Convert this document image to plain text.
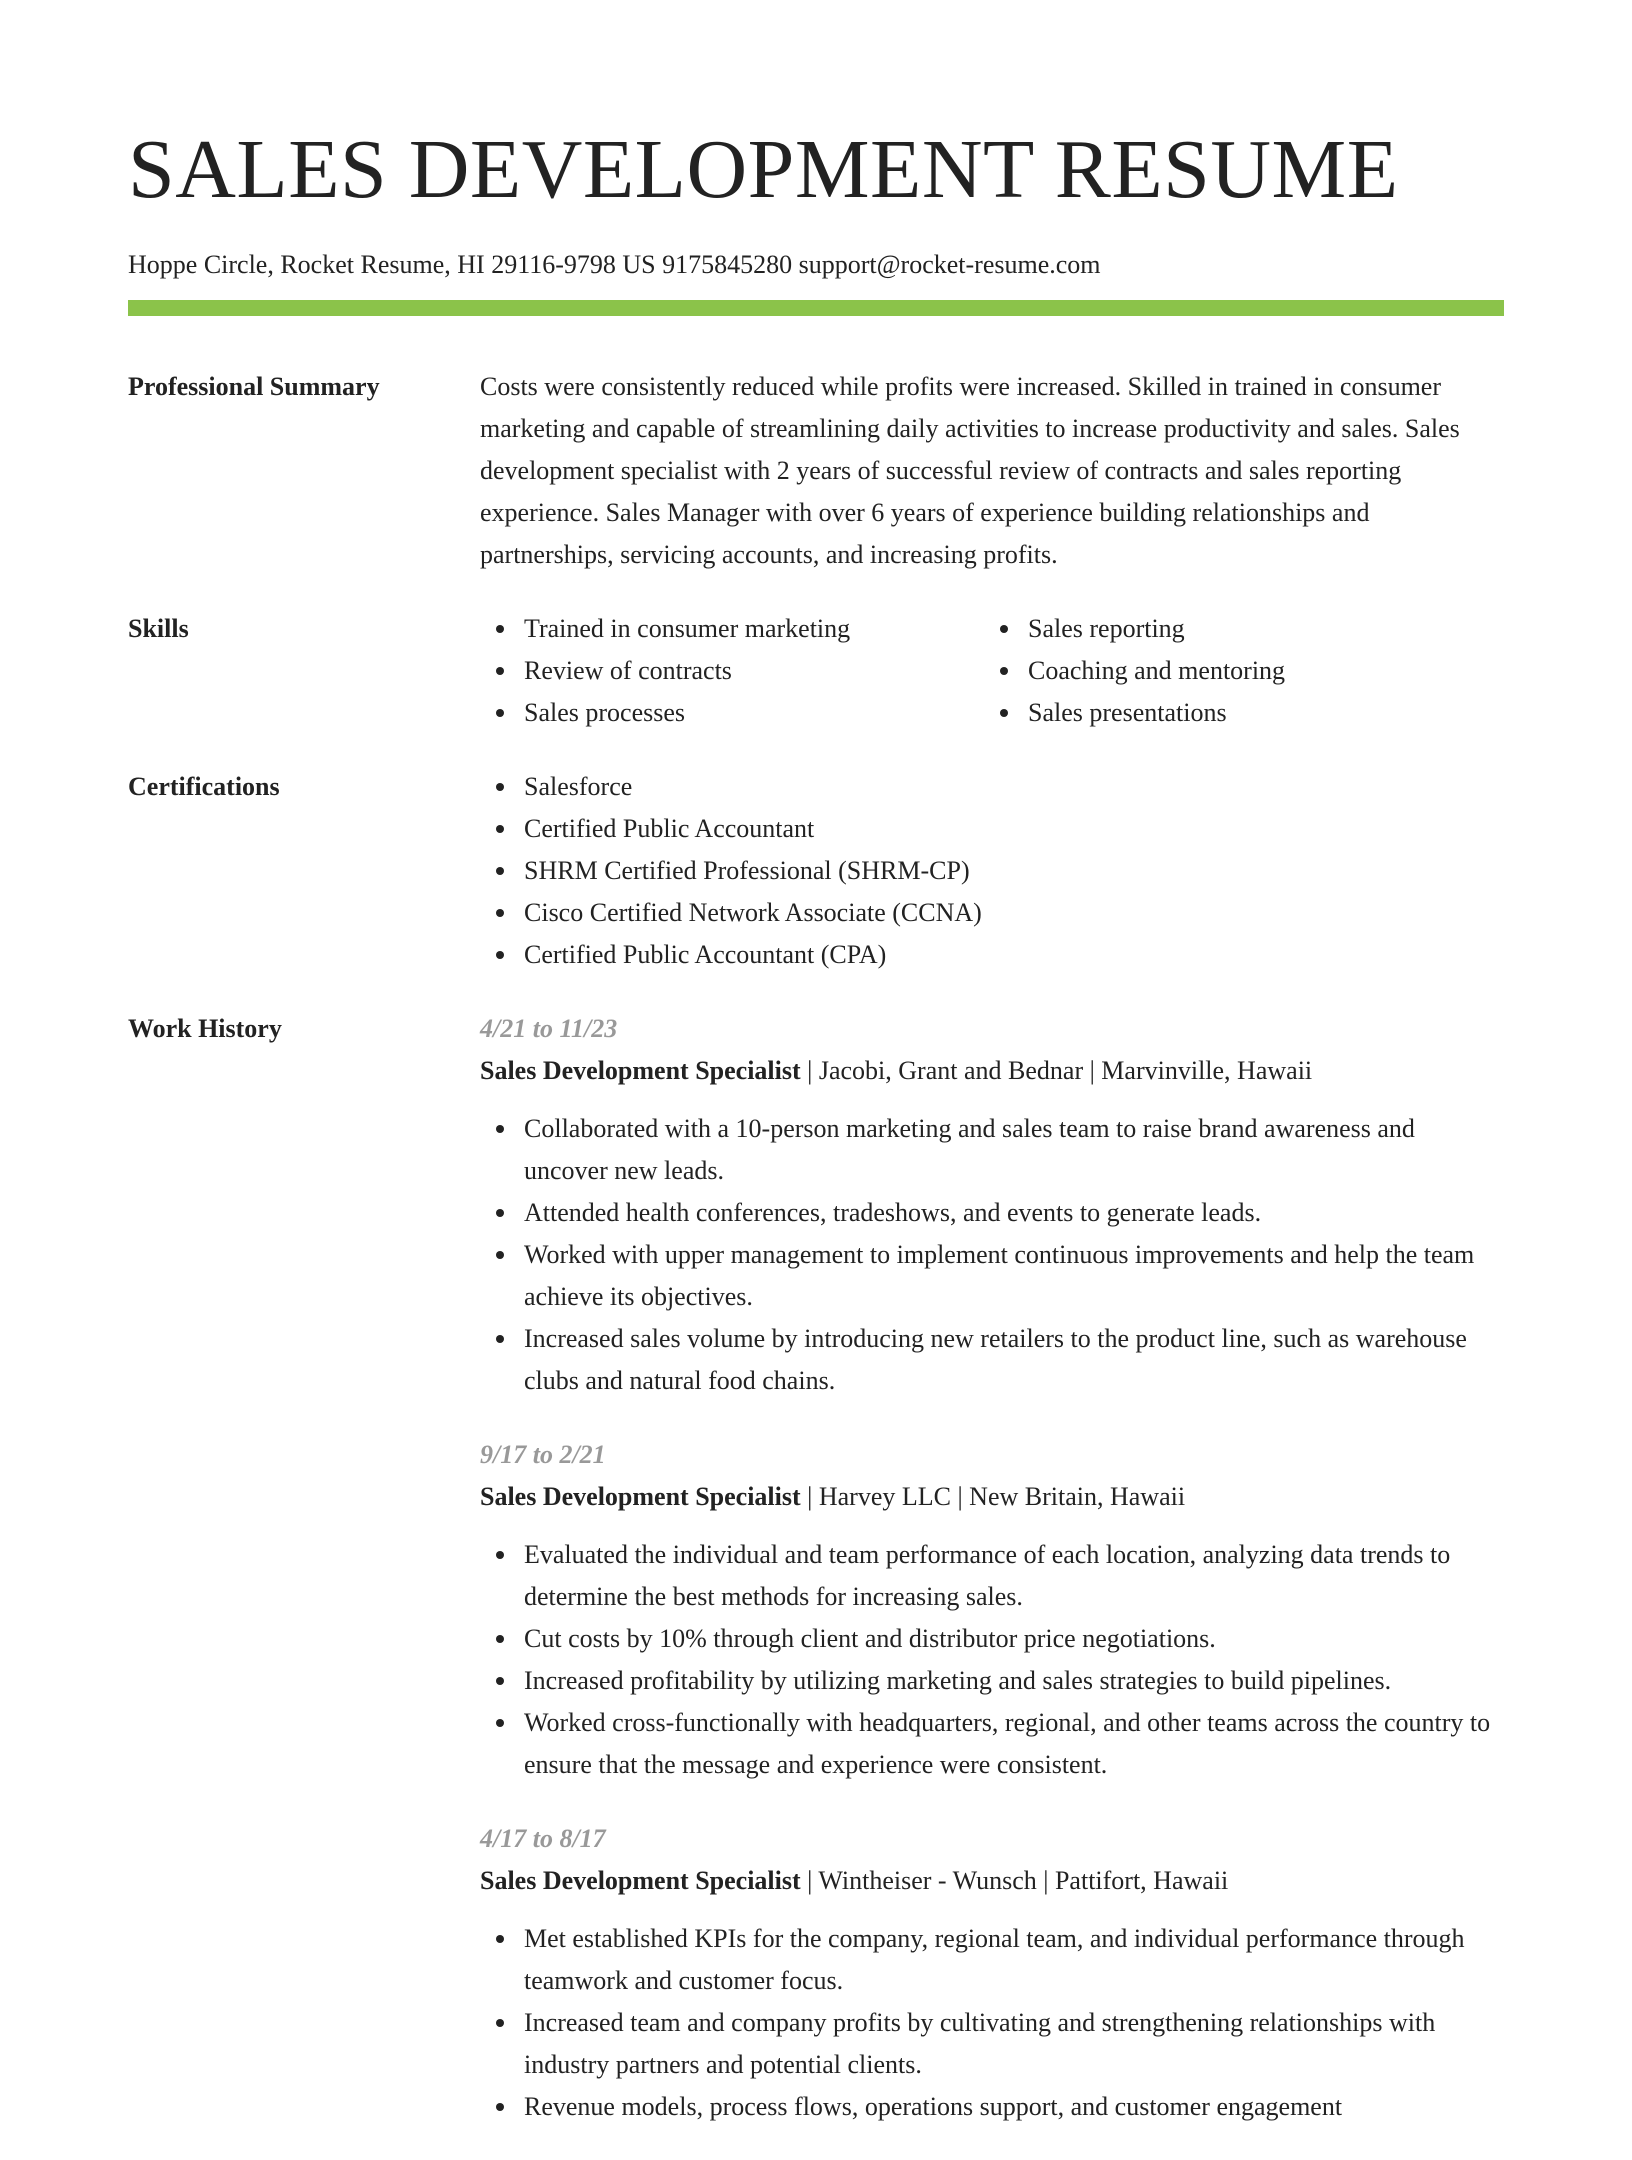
SALES DEVELOPMENT RESUME
Hoppe Circle, Rocket Resume, HI 29116-9798 US 9175845280 support@rocket-resume.com
Professional Summary	Costs were consistently reduced while profits were increased. Skilled in trained in consumer marketing and capable of streamlining daily activities to increase productivity and sales. Sales development specialist with 2 years of successful review of contracts and sales reporting experience. Sales Manager with over 6 years of experience building relationships and partnerships, servicing accounts, and increasing profits.
Skills	Trained in consumer marketing
Review of contracts
Sales processes
Sales reporting
Coaching and mentoring
Sales presentations
Certifications	Salesforce
Certified Public Accountant
SHRM Certified Professional (SHRM-CP)
Cisco Certified Network Associate (CCNA)
Certified Public Accountant (CPA)
Work History	4/21 to 11/23
Sales Development Specialist | Jacobi, Grant and Bednar | Marvinville, Hawaii
Collaborated with a 10-person marketing and sales team to raise brand awareness and uncover new leads.
Attended health conferences, tradeshows, and events to generate leads.
Worked with upper management to implement continuous improvements and help the team achieve its objectives.
Increased sales volume by introducing new retailers to the product line, such as warehouse clubs and natural food chains.
9/17 to 2/21
Sales Development Specialist | Harvey LLC | New Britain, Hawaii
Evaluated the individual and team performance of each location, analyzing data trends to determine the best methods for increasing sales.
Cut costs by 10% through client and distributor price negotiations.
Increased profitability by utilizing marketing and sales strategies to build pipelines.
Worked cross-functionally with headquarters, regional, and other teams across the country to ensure that the message and experience were consistent.
4/17 to 8/17
Sales Development Specialist | Wintheiser - Wunsch | Pattifort, Hawaii
Met established KPIs for the company, regional team, and individual performance through teamwork and customer focus.
Increased team and company profits by cultivating and strengthening relationships with industry partners and potential clients.
Revenue models, process flows, operations support, and customer engagement
